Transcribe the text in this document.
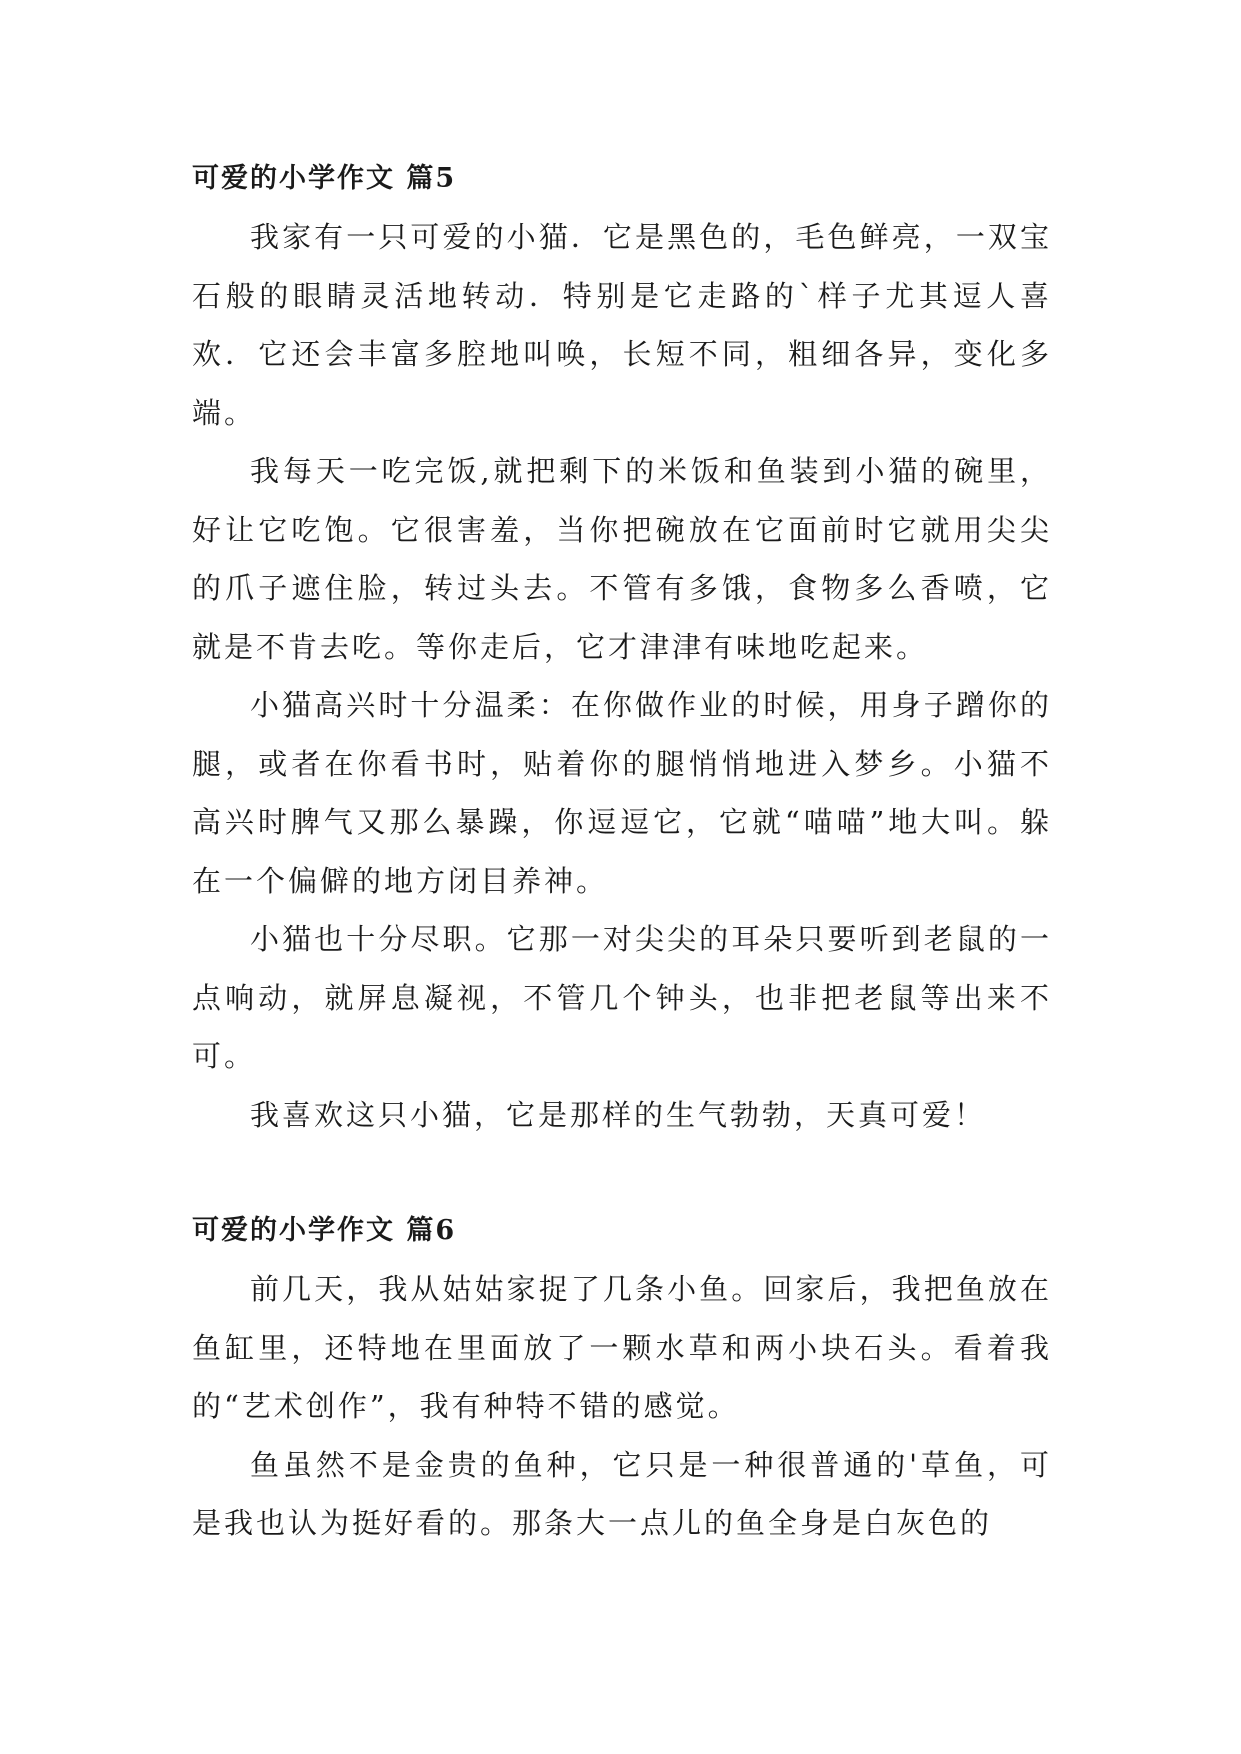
可爱的小学作文 篇5

我家有一只可爱的小猫．它是黑色的，毛色鲜亮，一双宝石般的眼睛灵活地转动．特别是它走路的`样子尤其逗人喜欢．它还会丰富多腔地叫唤，长短不同，粗细各异，变化多端。

我每天一吃完饭,就把剩下的米饭和鱼装到小猫的碗里，好让它吃饱。它很害羞，当你把碗放在它面前时它就用尖尖的爪子遮住脸，转过头去。不管有多饿，食物多么香喷，它就是不肯去吃。等你走后，它才津津有味地吃起来。

小猫高兴时十分温柔：在你做作业的时候，用身子蹭你的腿，或者在你看书时，贴着你的腿悄悄地进入梦乡。小猫不高兴时脾气又那么暴躁，你逗逗它，它就“喵喵”地大叫。躲在一个偏僻的地方闭目养神。

小猫也十分尽职。它那一对尖尖的耳朵只要听到老鼠的一点响动，就屏息凝视，不管几个钟头，也非把老鼠等出来不可。

我喜欢这只小猫，它是那样的生气勃勃，天真可爱！

可爱的小学作文 篇6

前几天，我从姑姑家捉了几条小鱼。回家后，我把鱼放在鱼缸里，还特地在里面放了一颗水草和两小块石头。看着我的“艺术创作”，我有种特不错的感觉。

鱼虽然不是金贵的鱼种，它只是一种很普通的'草鱼，可是我也认为挺好看的。那条大一点儿的鱼全身是白灰色的
